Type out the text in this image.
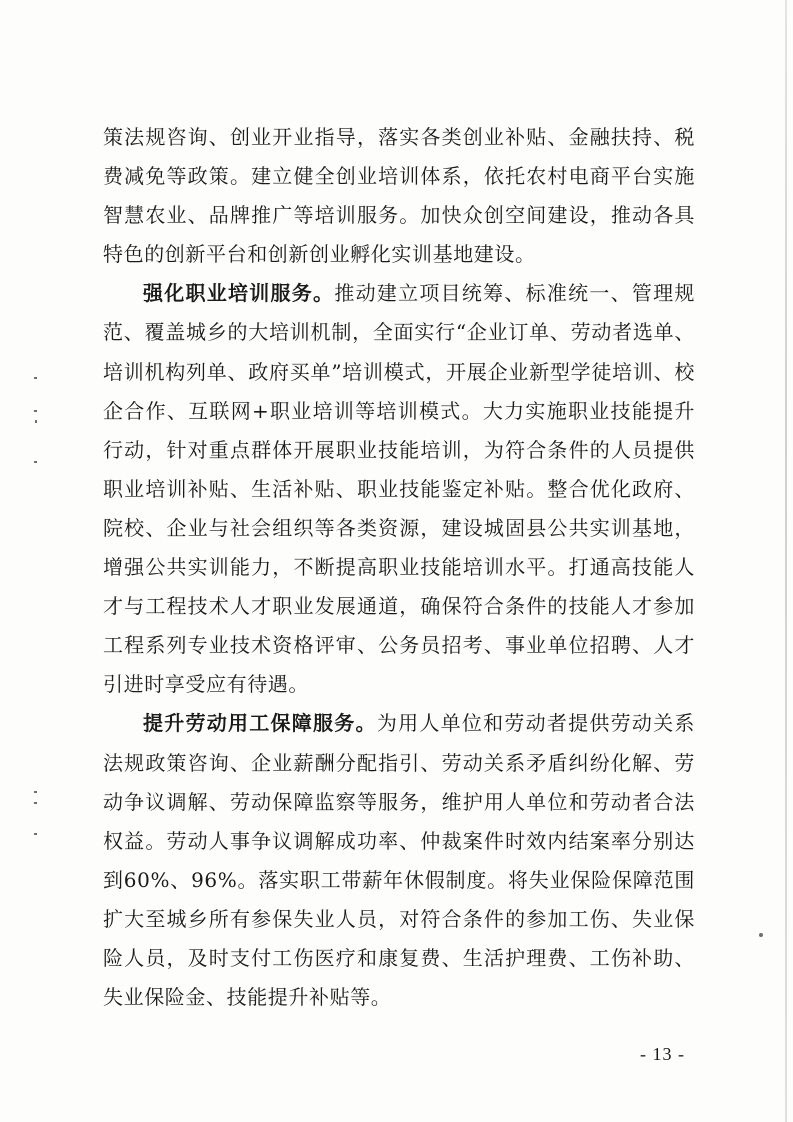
策法规咨询、创业开业指导，落实各类创业补贴、金融扶持、税费减免等政策。建立健全创业培训体系，依托农村电商平台实施智慧农业、品牌推广等培训服务。加快众创空间建设，推动各具特色的创新平台和创新创业孵化实训基地建设。

强化职业培训服务。推动建立项目统筹、标准统一、管理规范、覆盖城乡的大培训机制，全面实行“企业订单、劳动者选单、培训机构列单、政府买单”培训模式，开展企业新型学徒培训、校企合作、互联网+职业培训等培训模式。大力实施职业技能提升行动，针对重点群体开展职业技能培训，为符合条件的人员提供职业培训补贴、生活补贴、职业技能鉴定补贴。整合优化政府、院校、企业与社会组织等各类资源，建设城固县公共实训基地，增强公共实训能力，不断提高职业技能培训水平。打通高技能人才与工程技术人才职业发展通道，确保符合条件的技能人才参加工程系列专业技术资格评审、公务员招考、事业单位招聘、人才引进时享受应有待遇。

提升劳动用工保障服务。为用人单位和劳动者提供劳动关系法规政策咨询、企业薪酬分配指引、劳动关系矛盾纠纷化解、劳动争议调解、劳动保障监察等服务，维护用人单位和劳动者合法权益。劳动人事争议调解成功率、仲裁案件时效内结案率分别达到60%、96%。落实职工带薪年休假制度。将失业保险保障范围扩大至城乡所有参保失业人员，对符合条件的参加工伤、失业保险人员，及时支付工伤医疗和康复费、生活护理费、工伤补助、失业保险金、技能提升补贴等。

- 13 -
